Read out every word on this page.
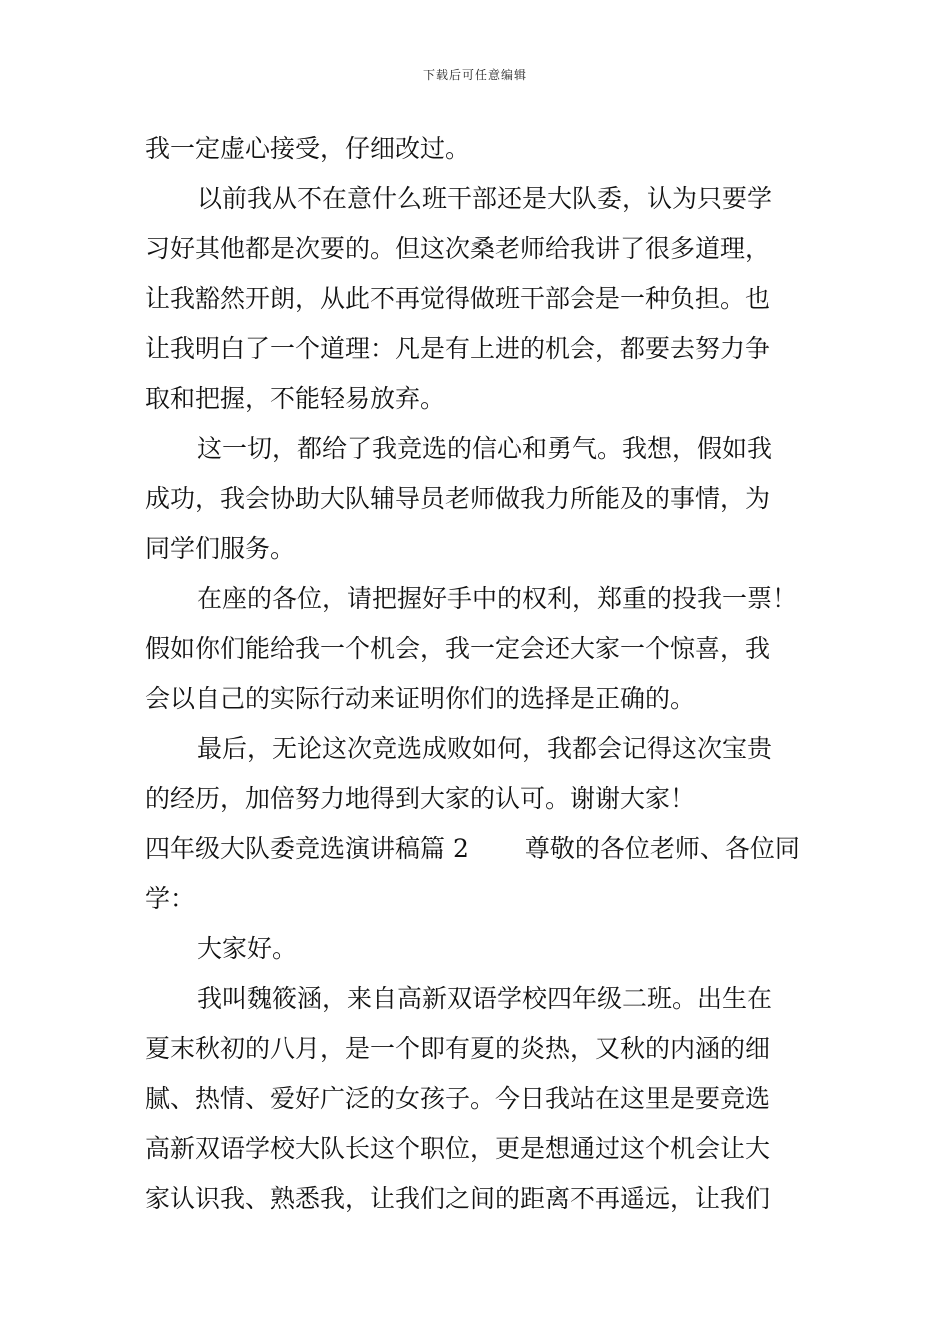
下载后可任意编辑
我一定虚心接受，仔细改过。
以前我从不在意什么班干部还是大队委，认为只要学
习好其他都是次要的。但这次桑老师给我讲了很多道理，
让我豁然开朗，从此不再觉得做班干部会是一种负担。也
让我明白了一个道理：凡是有上进的机会，都要去努力争
取和把握，不能轻易放弃。
这一切，都给了我竞选的信心和勇气。我想，假如我
成功，我会协助大队辅导员老师做我力所能及的事情，为
同学们服务。
在座的各位，请把握好手中的权利，郑重的投我一票！
假如你们能给我一个机会，我一定会还大家一个惊喜，我
会以自己的实际行动来证明你们的选择是正确的。
最后，无论这次竞选成败如何，我都会记得这次宝贵
的经历，加倍努力地得到大家的认可。谢谢大家！
四年级大队委竞选演讲稿篇 2 尊敬的各位老师、各位同
学：
大家好。
我叫魏筱涵，来自高新双语学校四年级二班。出生在
夏末秋初的八月，是一个即有夏的炎热，又秋的内涵的细
腻、热情、爱好广泛的女孩子。今日我站在这里是要竞选
高新双语学校大队长这个职位，更是想通过这个机会让大
家认识我、熟悉我，让我们之间的距离不再遥远，让我们
